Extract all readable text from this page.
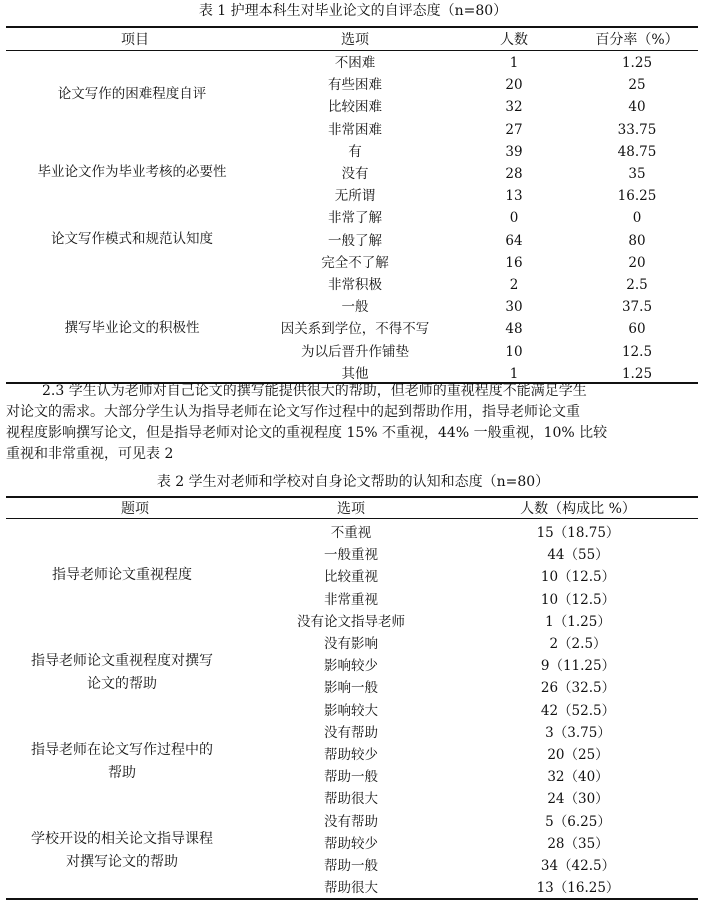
表 1 护理本科生对毕业论文的自评态度（n=80）
项目	选项	人数	百分率（%）
论文写作的困难程度自评
不困难	1	1.25
有些困难	20	25
比较困难	32	40
非常困难	27	33.75
毕业论文作为毕业考核的必要性
有	39	48.75
没有	28	35
无所谓	13	16.25
论文写作模式和规范认知度
非常了解	0	0
一般了解	64	80
完全不了解	16	20
撰写毕业论文的积极性
非常积极	2	2.5
一般	30	37.5
因关系到学位，不得不写	48	60
为以后晋升作铺垫	10	12.5
其他	1	1.25

2.3 学生认为老师对自己论文的撰写能提供很大的帮助，但老师的重视程度不能满足学生

对论文的需求。大部分学生认为指导老师在论文写作过程中的起到帮助作用，指导老师论文重

视程度影响撰写论文，但是指导老师对论文的重视程度 15% 不重视，44% 一般重视，10% 比较

重视和非常重视，可见表 2

表 2 学生对老师和学校对自身论文帮助的认知和态度（n=80）
题项	选项	人数（构成比 %）
指导老师论文重视程度
不重视	15（18.75）
一般重视	44（55）
比较重视	10（12.5）
非常重视	10（12.5）
没有论文指导老师	1（1.25）
指导老师论文重视程度对撰写
论文的帮助
没有影响	2（2.5）
影响较少	9（11.25）
影响一般	26（32.5）
影响较大	42（52.5）
指导老师在论文写作过程中的
帮助
没有帮助	3（3.75）
帮助较少	20（25）
帮助一般	32（40）
帮助很大	24（30）
学校开设的相关论文指导课程
对撰写论文的帮助
没有帮助	5（6.25）
帮助较少	28（35）
帮助一般	34（42.5）
帮助很大	13（16.25）
